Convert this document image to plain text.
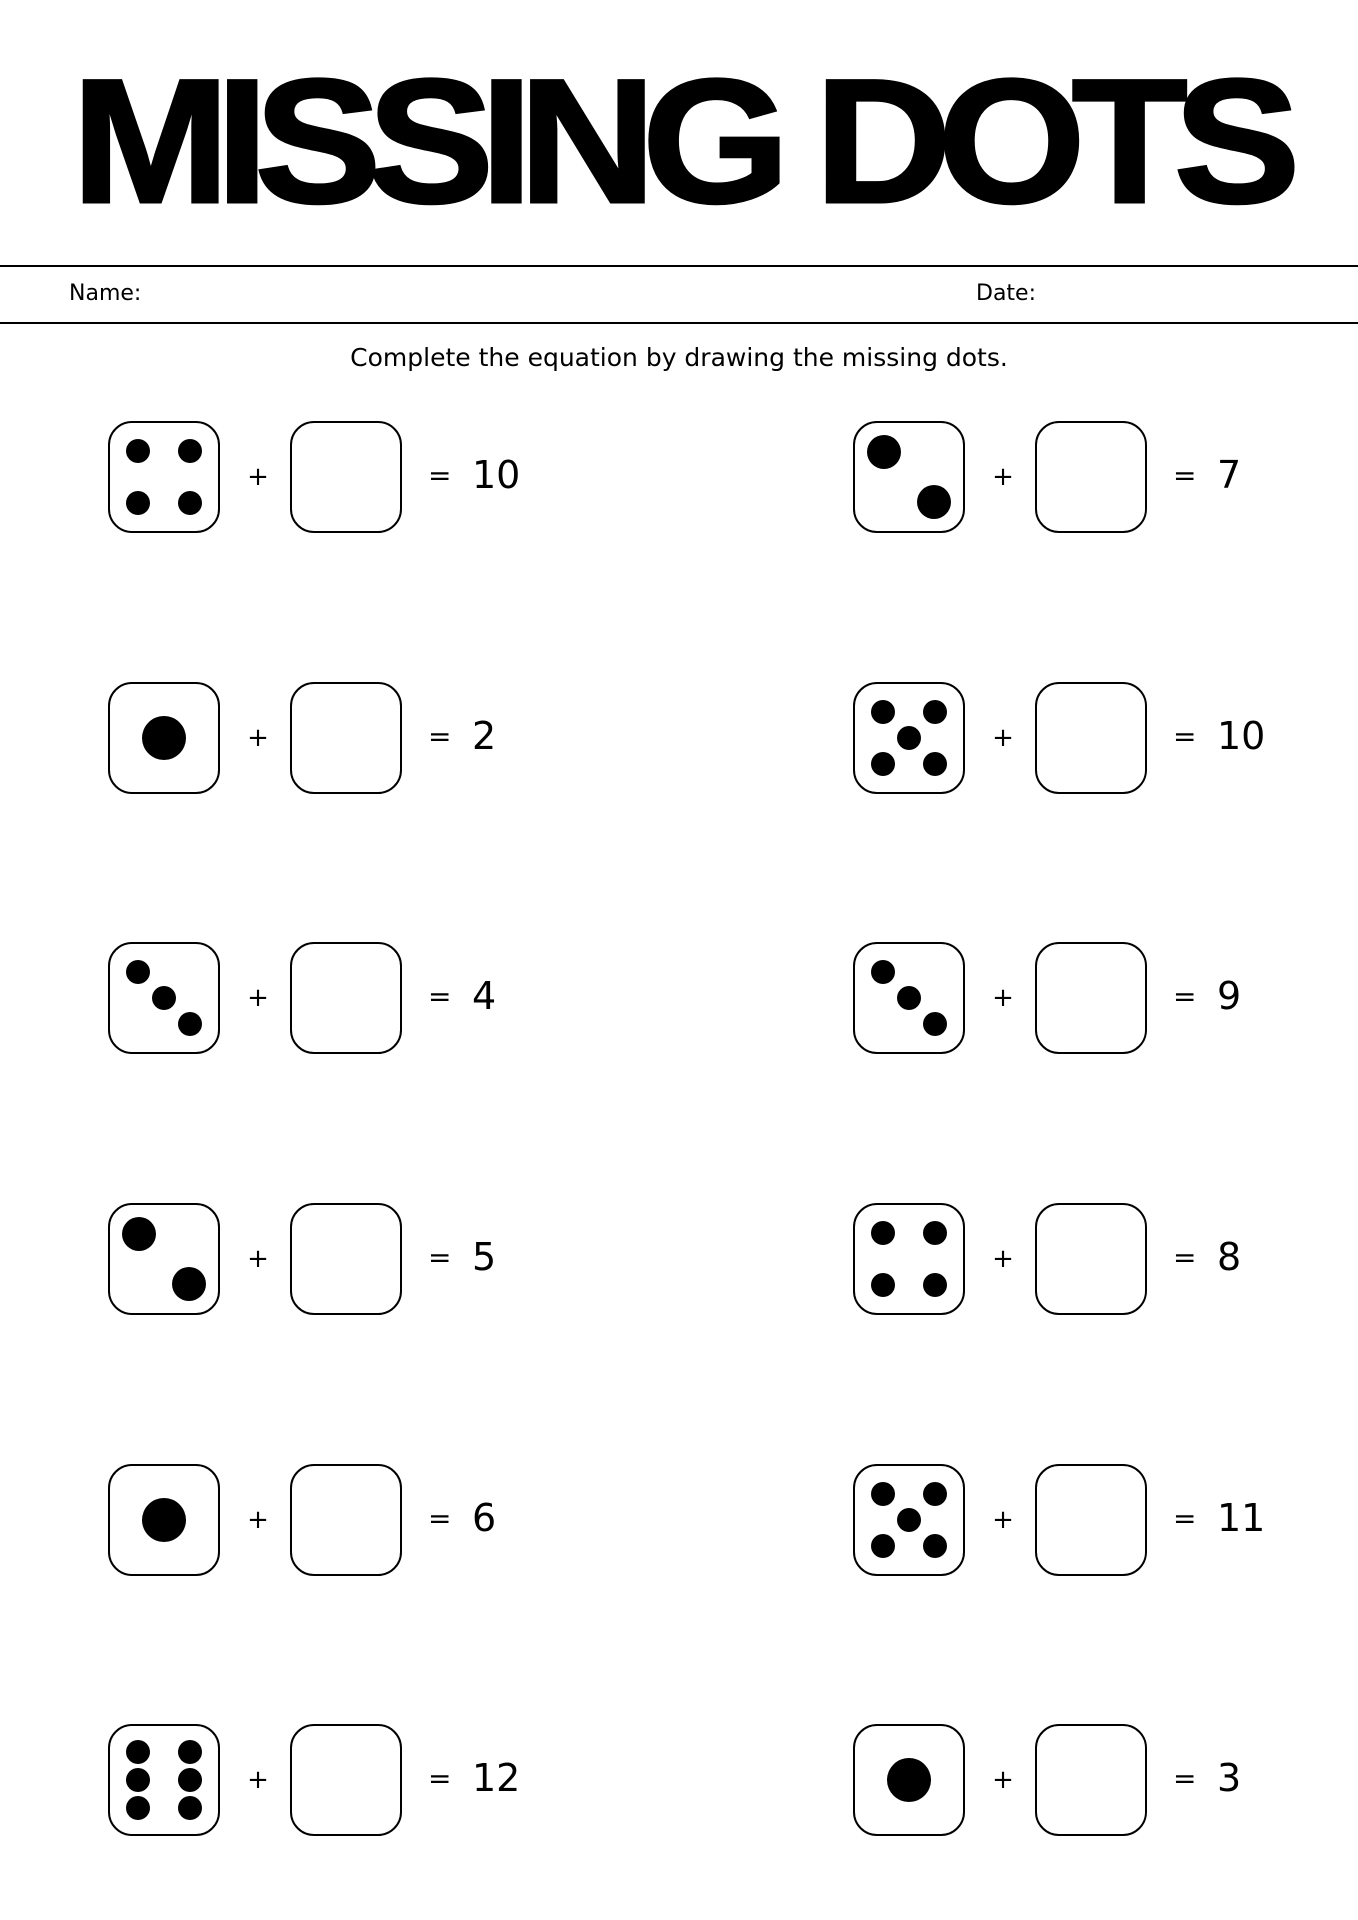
MISSING DOTS
Name:	Date:
Complete the equation by drawing the missing dots.
+	= 10	+	= 7
+	= 2	+	= 10
+	= 4	+	= 9
+	= 5	+	= 8
+	= 6	+	= 11
+	= 12	+	= 3
